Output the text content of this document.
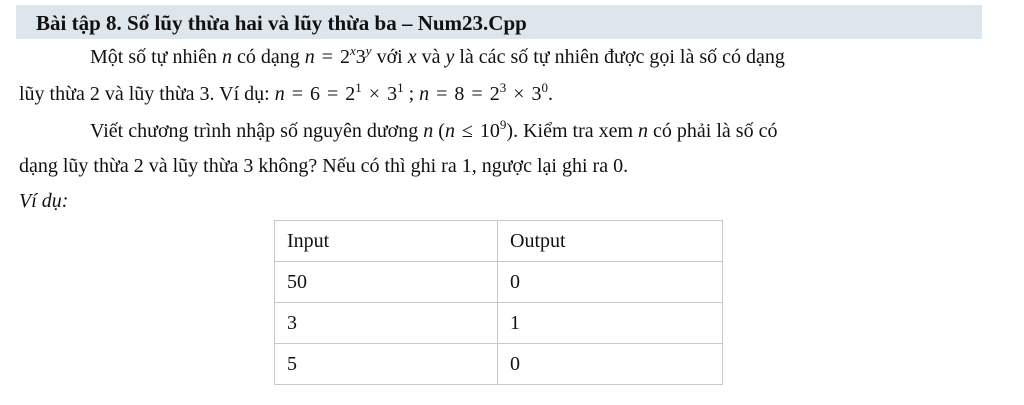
Bài tập 8. Số lũy thừa hai và lũy thừa ba – Num23.Cpp
Một số tự nhiên n có dạng $n = 2^x3^y$ với x và y là các số tự nhiên được gọi là số có dạng
lũy thừa 2 và lũy thừa 3. Ví dụ: $n = 6 = 2^1 \times 3^1$ ; $n = 8 = 2^3 \times 3^0$.
Viết chương trình nhập số nguyên dương n $(n \le 10^9)$. Kiểm tra xem n có phải là số có
dạng lũy thừa 2 và lũy thừa 3 không? Nếu có thì ghi ra 1, ngược lại ghi ra 0.
Ví dụ:
Input	Output
50	0
3	1
5	0
